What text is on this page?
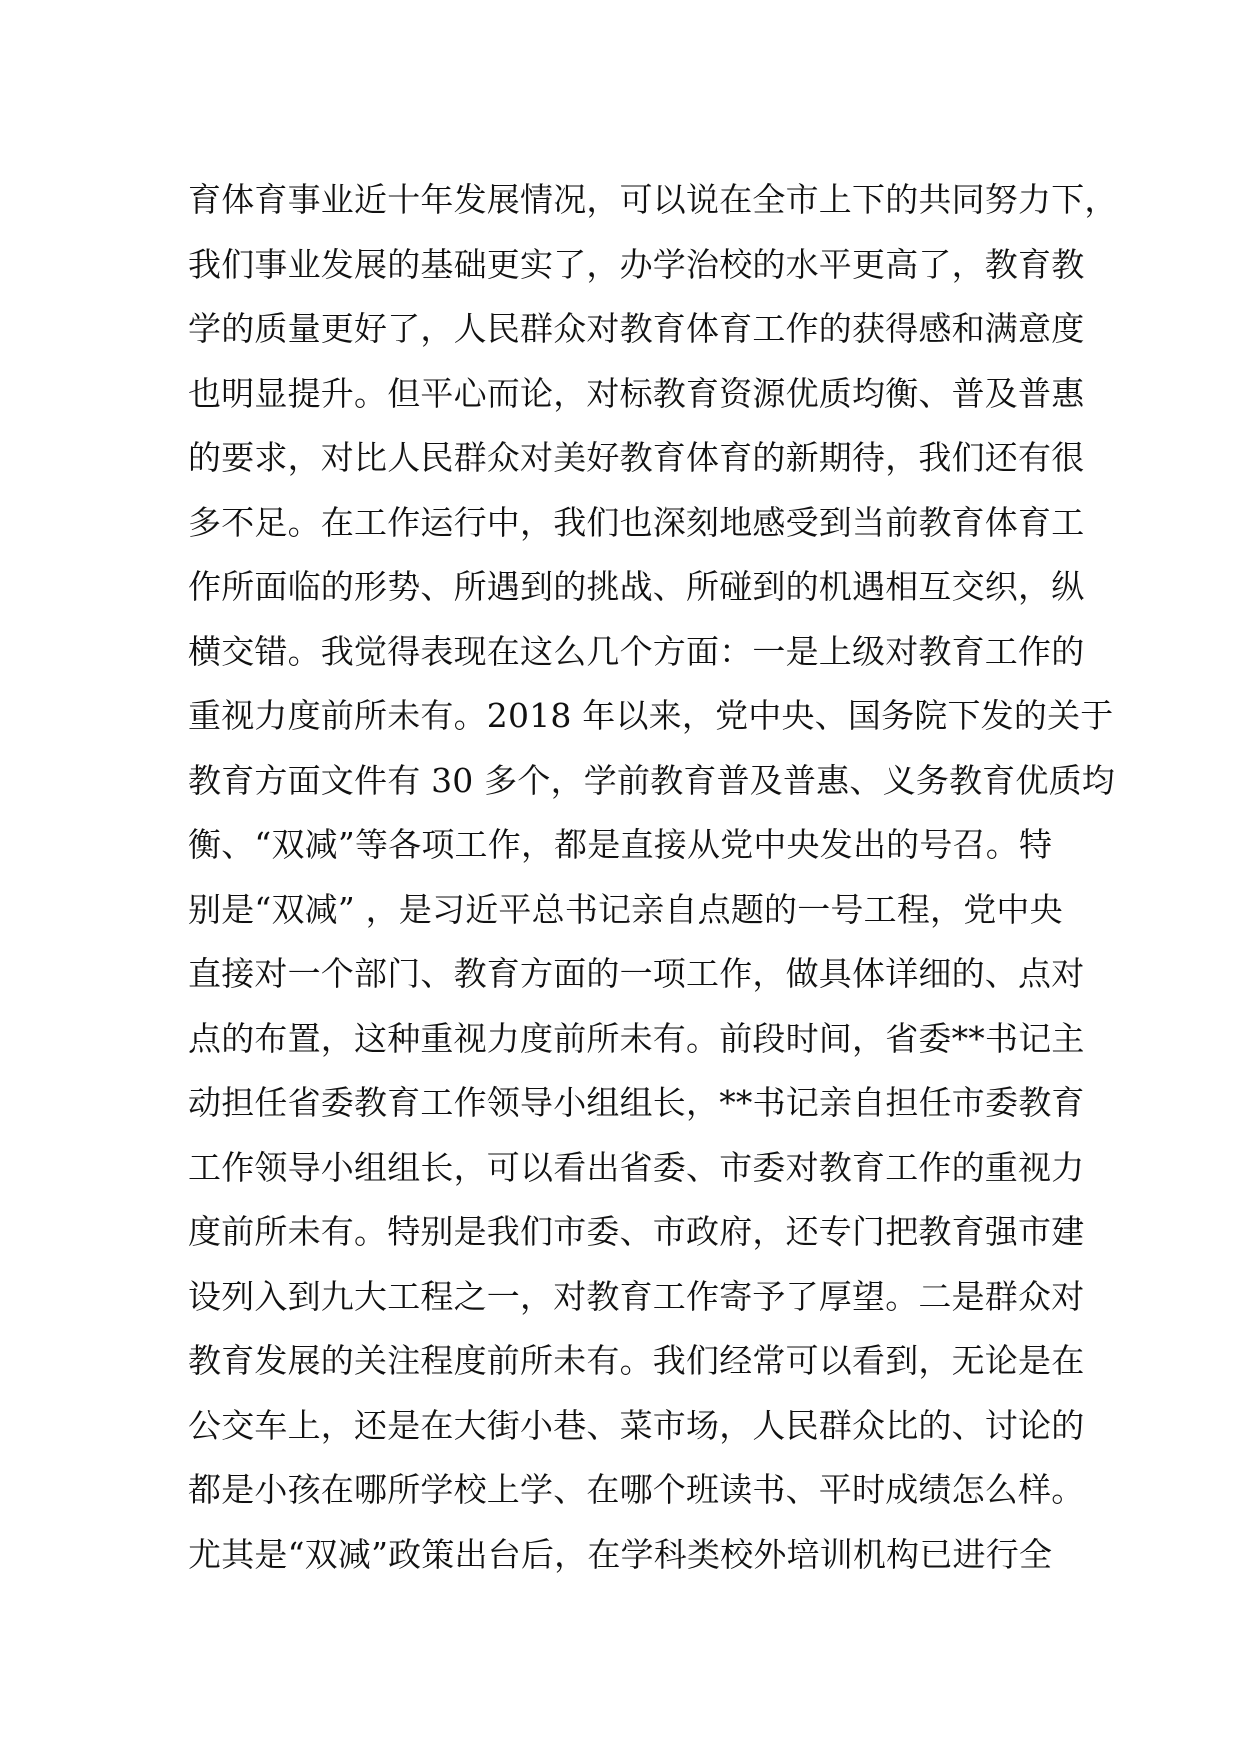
育体育事业近十年发展情况，可以说在全市上下的共同努力下，
我们事业发展的基础更实了，办学治校的水平更高了，教育教
学的质量更好了，人民群众对教育体育工作的获得感和满意度
也明显提升。但平心而论，对标教育资源优质均衡、普及普惠
的要求，对比人民群众对美好教育体育的新期待，我们还有很
多不足。在工作运行中，我们也深刻地感受到当前教育体育工
作所面临的形势、所遇到的挑战、所碰到的机遇相互交织，纵
横交错。我觉得表现在这么几个方面：一是上级对教育工作的
重视力度前所未有。2018 年以来，党中央、国务院下发的关于
教育方面文件有 30 多个，学前教育普及普惠、义务教育优质均
衡、“双减”等各项工作，都是直接从党中央发出的号召。特
别是“双减” ，是习近平总书记亲自点题的一号工程，党中央
直接对一个部门、教育方面的一项工作，做具体详细的、点对
点的布置，这种重视力度前所未有。前段时间，省委**书记主
动担任省委教育工作领导小组组长，**书记亲自担任市委教育
工作领导小组组长，可以看出省委、市委对教育工作的重视力
度前所未有。特别是我们市委、市政府，还专门把教育强市建
设列入到九大工程之一，对教育工作寄予了厚望。二是群众对
教育发展的关注程度前所未有。我们经常可以看到，无论是在
公交车上，还是在大街小巷、菜市场，人民群众比的、讨论的
都是小孩在哪所学校上学、在哪个班读书、平时成绩怎么样。
尤其是“双减”政策出台后，在学科类校外培训机构已进行全
